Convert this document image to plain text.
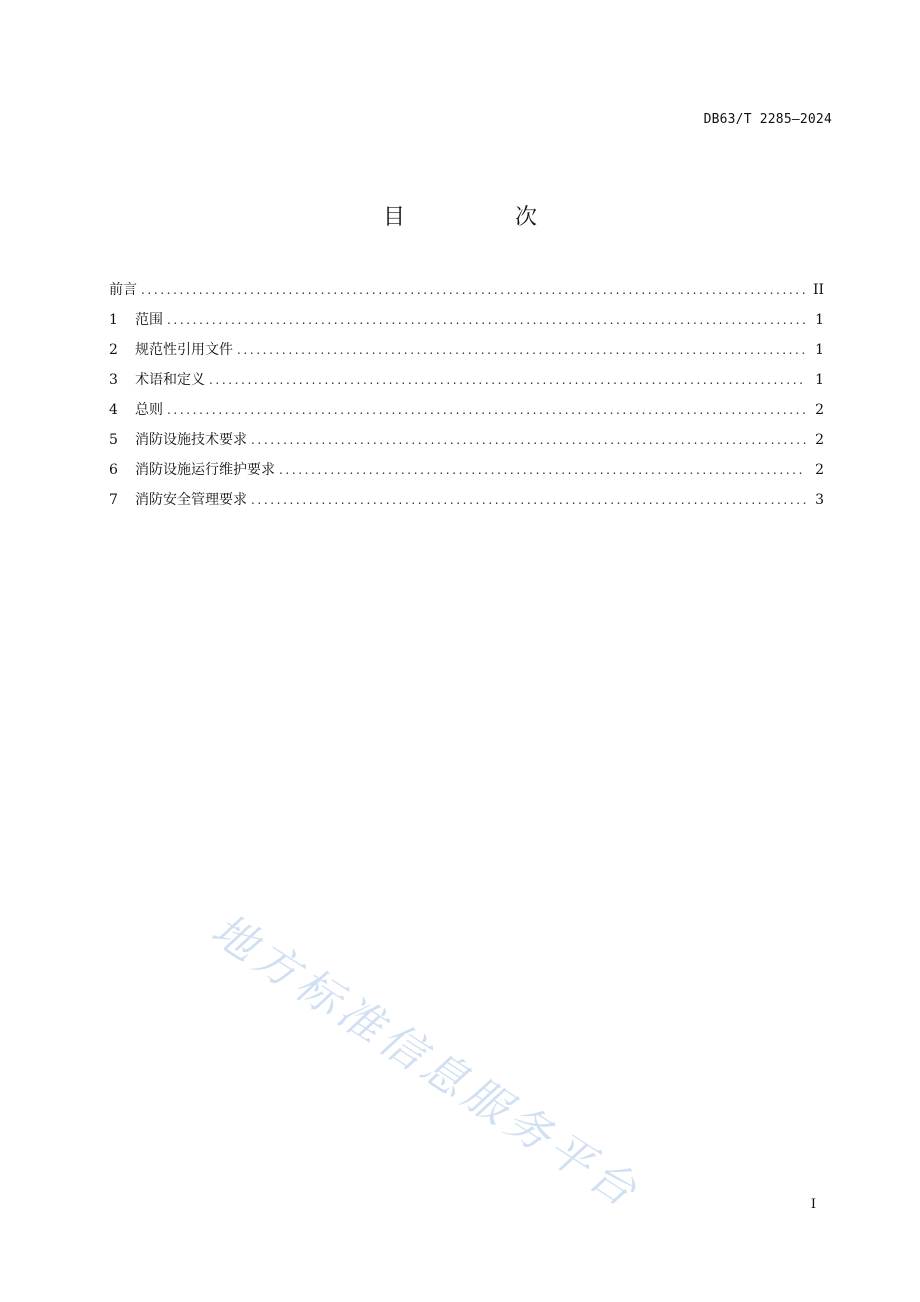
DB63/T 2285—2024
目　次
前言 .....	II
1	范围 .....	1
2	规范性引用文件 .....	1
3	术语和定义 .....	1
4	总则 .....	2
5	消防设施技术要求 .....	2
6	消防设施运行维护要求 .....	2
7	消防安全管理要求 .....	3
地方标准信息服务平台	I
